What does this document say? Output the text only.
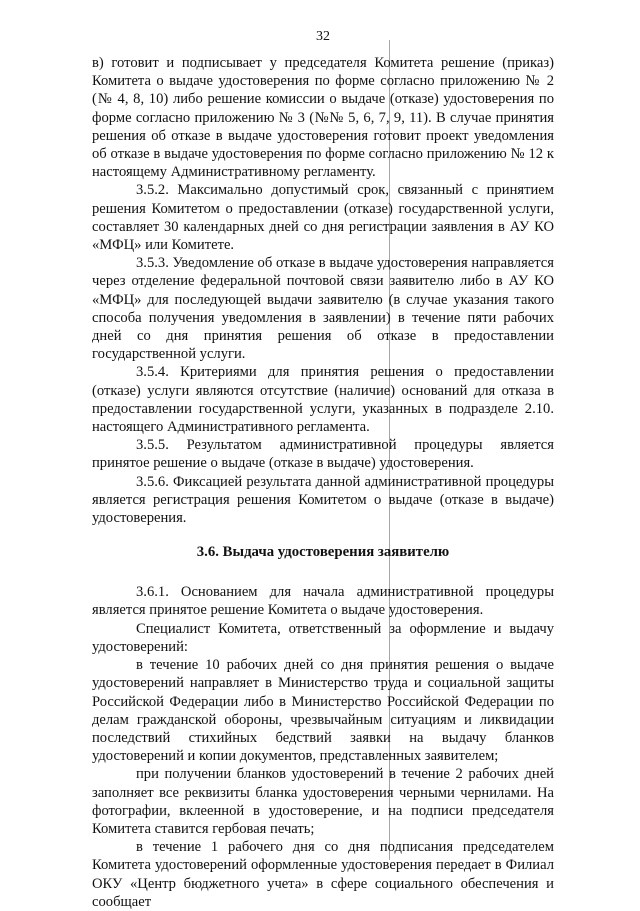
32

в) готовит и подписывает у председателя Комитета решение (приказ) Комитета о выдаче удостоверения по форме согласно приложению № 2 (№ 4, 8, 10) либо решение комиссии о выдаче (отказе) удостоверения по форме согласно приложению № 3 (№№ 5, 6, 7, 9, 11). В случае принятия решения об отказе в выдаче удостоверения готовит проект уведомления об отказе в выдаче удостоверения по форме согласно приложению № 12 к настоящему Административному регламенту.

3.5.2. Максимально допустимый срок, связанный с принятием решения Комитетом о предоставлении (отказе) государственной услуги, составляет 30 календарных дней со дня регистрации заявления в АУ КО «МФЦ» или Комитете.

3.5.3. Уведомление об отказе в выдаче удостоверения направляется через отделение федеральной почтовой связи заявителю либо в АУ КО «МФЦ» для последующей выдачи заявителю (в случае указания такого способа получения уведомления в заявлении) в течение пяти рабочих дней со дня принятия решения об отказе в предоставлении государственной услуги.

3.5.4. Критериями для принятия решения о предоставлении (отказе) услуги являются отсутствие (наличие) оснований для отказа в предоставлении государственной услуги, указанных в подразделе 2.10. настоящего Административного регламента.

3.5.5. Результатом административной процедуры является принятое решение о выдаче (отказе в выдаче) удостоверения.

3.5.6. Фиксацией результата данной административной процедуры является регистрация решения Комитетом о выдаче (отказе в выдаче) удостоверения.

3.6. Выдача удостоверения заявителю

3.6.1. Основанием для начала административной процедуры является принятое решение Комитета о выдаче удостоверения.

Специалист Комитета, ответственный за оформление и выдачу удостоверений:

в течение 10 рабочих дней со дня принятия решения о выдаче удостоверений направляет в Министерство труда и социальной защиты Российской Федерации либо в Министерство Российской Федерации по делам гражданской обороны, чрезвычайным ситуациям и ликвидации последствий стихийных бедствий заявки на выдачу бланков удостоверений и копии документов, представленных заявителем;

при получении бланков удостоверений в течение 2 рабочих дней заполняет все реквизиты бланка удостоверения черными чернилами. На фотографии, вклеенной в удостоверение, и на подписи председателя Комитета ставится гербовая печать;

в течение 1 рабочего дня со дня подписания председателем Комитета удостоверений оформленные удостоверения передает в Филиал ОКУ «Центр бюджетного учета» в сфере социального обеспечения и сообщает
